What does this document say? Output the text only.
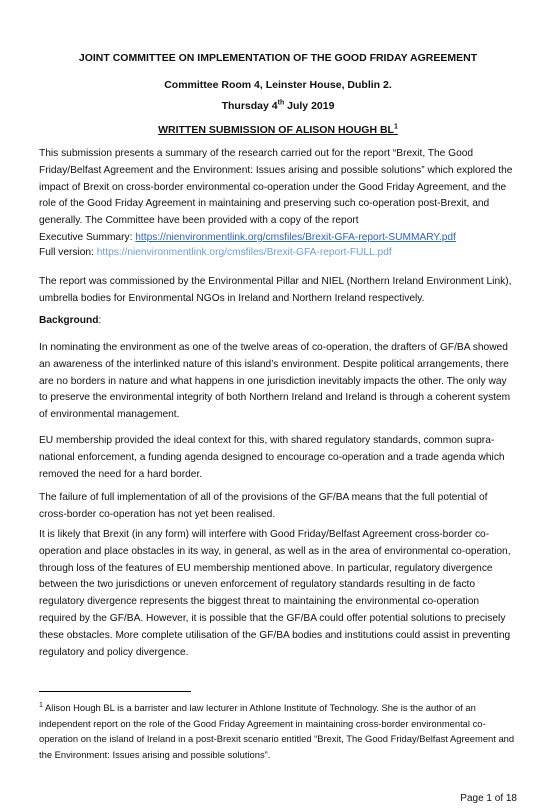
JOINT COMMITTEE ON IMPLEMENTATION OF THE GOOD FRIDAY AGREEMENT
Committee Room 4, Leinster House, Dublin 2.
Thursday 4th July 2019
WRITTEN SUBMISSION OF ALISON HOUGH $BL^1$
This submission presents a summary of the research carried out for the report “Brexit, The Good Friday/Belfast Agreement and the Environment: Issues arising and possible solutions” which explored the impact of Brexit on cross-border environmental co-operation under the Good Friday Agreement, and the role of the Good Friday Agreement in maintaining and preserving such co-operation post-Brexit, and generally. The Committee have been provided with a copy of the report
Executive Summary: https://nienvironmentlink.org/cmsfiles/Brexit-GFA-report-SUMMARY.pdf
Full version: https://nienvironmentlink.org/cmsfiles/Brexit-GFA-report-FULL.pdf
The report was commissioned by the Environmental Pillar and NIEL (Northern Ireland Environment Link), umbrella bodies for Environmental NGOs in Ireland and Northern Ireland respectively.
Background:
In nominating the environment as one of the twelve areas of co-operation, the drafters of GF/BA showed an awareness of the interlinked nature of this island’s environment. Despite political arrangements, there are no borders in nature and what happens in one jurisdiction inevitably impacts the other. The only way to preserve the environmental integrity of both Northern Ireland and Ireland is through a coherent system of environmental management.
EU membership provided the ideal context for this, with shared regulatory standards, common supra-national enforcement, a funding agenda designed to encourage co-operation and a trade agenda which removed the need for a hard border.
The failure of full implementation of all of the provisions of the GF/BA means that the full potential of cross-border co-operation has not yet been realised.
It is likely that Brexit (in any form) will interfere with Good Friday/Belfast Agreement cross-border co-operation and place obstacles in its way, in general, as well as in the area of environmental co-operation, through loss of the features of EU membership mentioned above. In particular, regulatory divergence between the two jurisdictions or uneven enforcement of regulatory standards resulting in de facto regulatory divergence represents the biggest threat to maintaining the environmental co-operation required by the GF/BA. However, it is possible that the GF/BA could offer potential solutions to precisely these obstacles. More complete utilisation of the GF/BA bodies and institutions could assist in preventing regulatory and policy divergence.
$^1$ Alison Hough BL is a barrister and law lecturer in Athlone Institute of Technology. She is the author of an independent report on the role of the Good Friday Agreement in maintaining cross-border environmental co-operation on the island of Ireland in a post-Brexit scenario entitled “Brexit, The Good Friday/Belfast Agreement and the Environment: Issues arising and possible solutions”.
Page 1 of 18
